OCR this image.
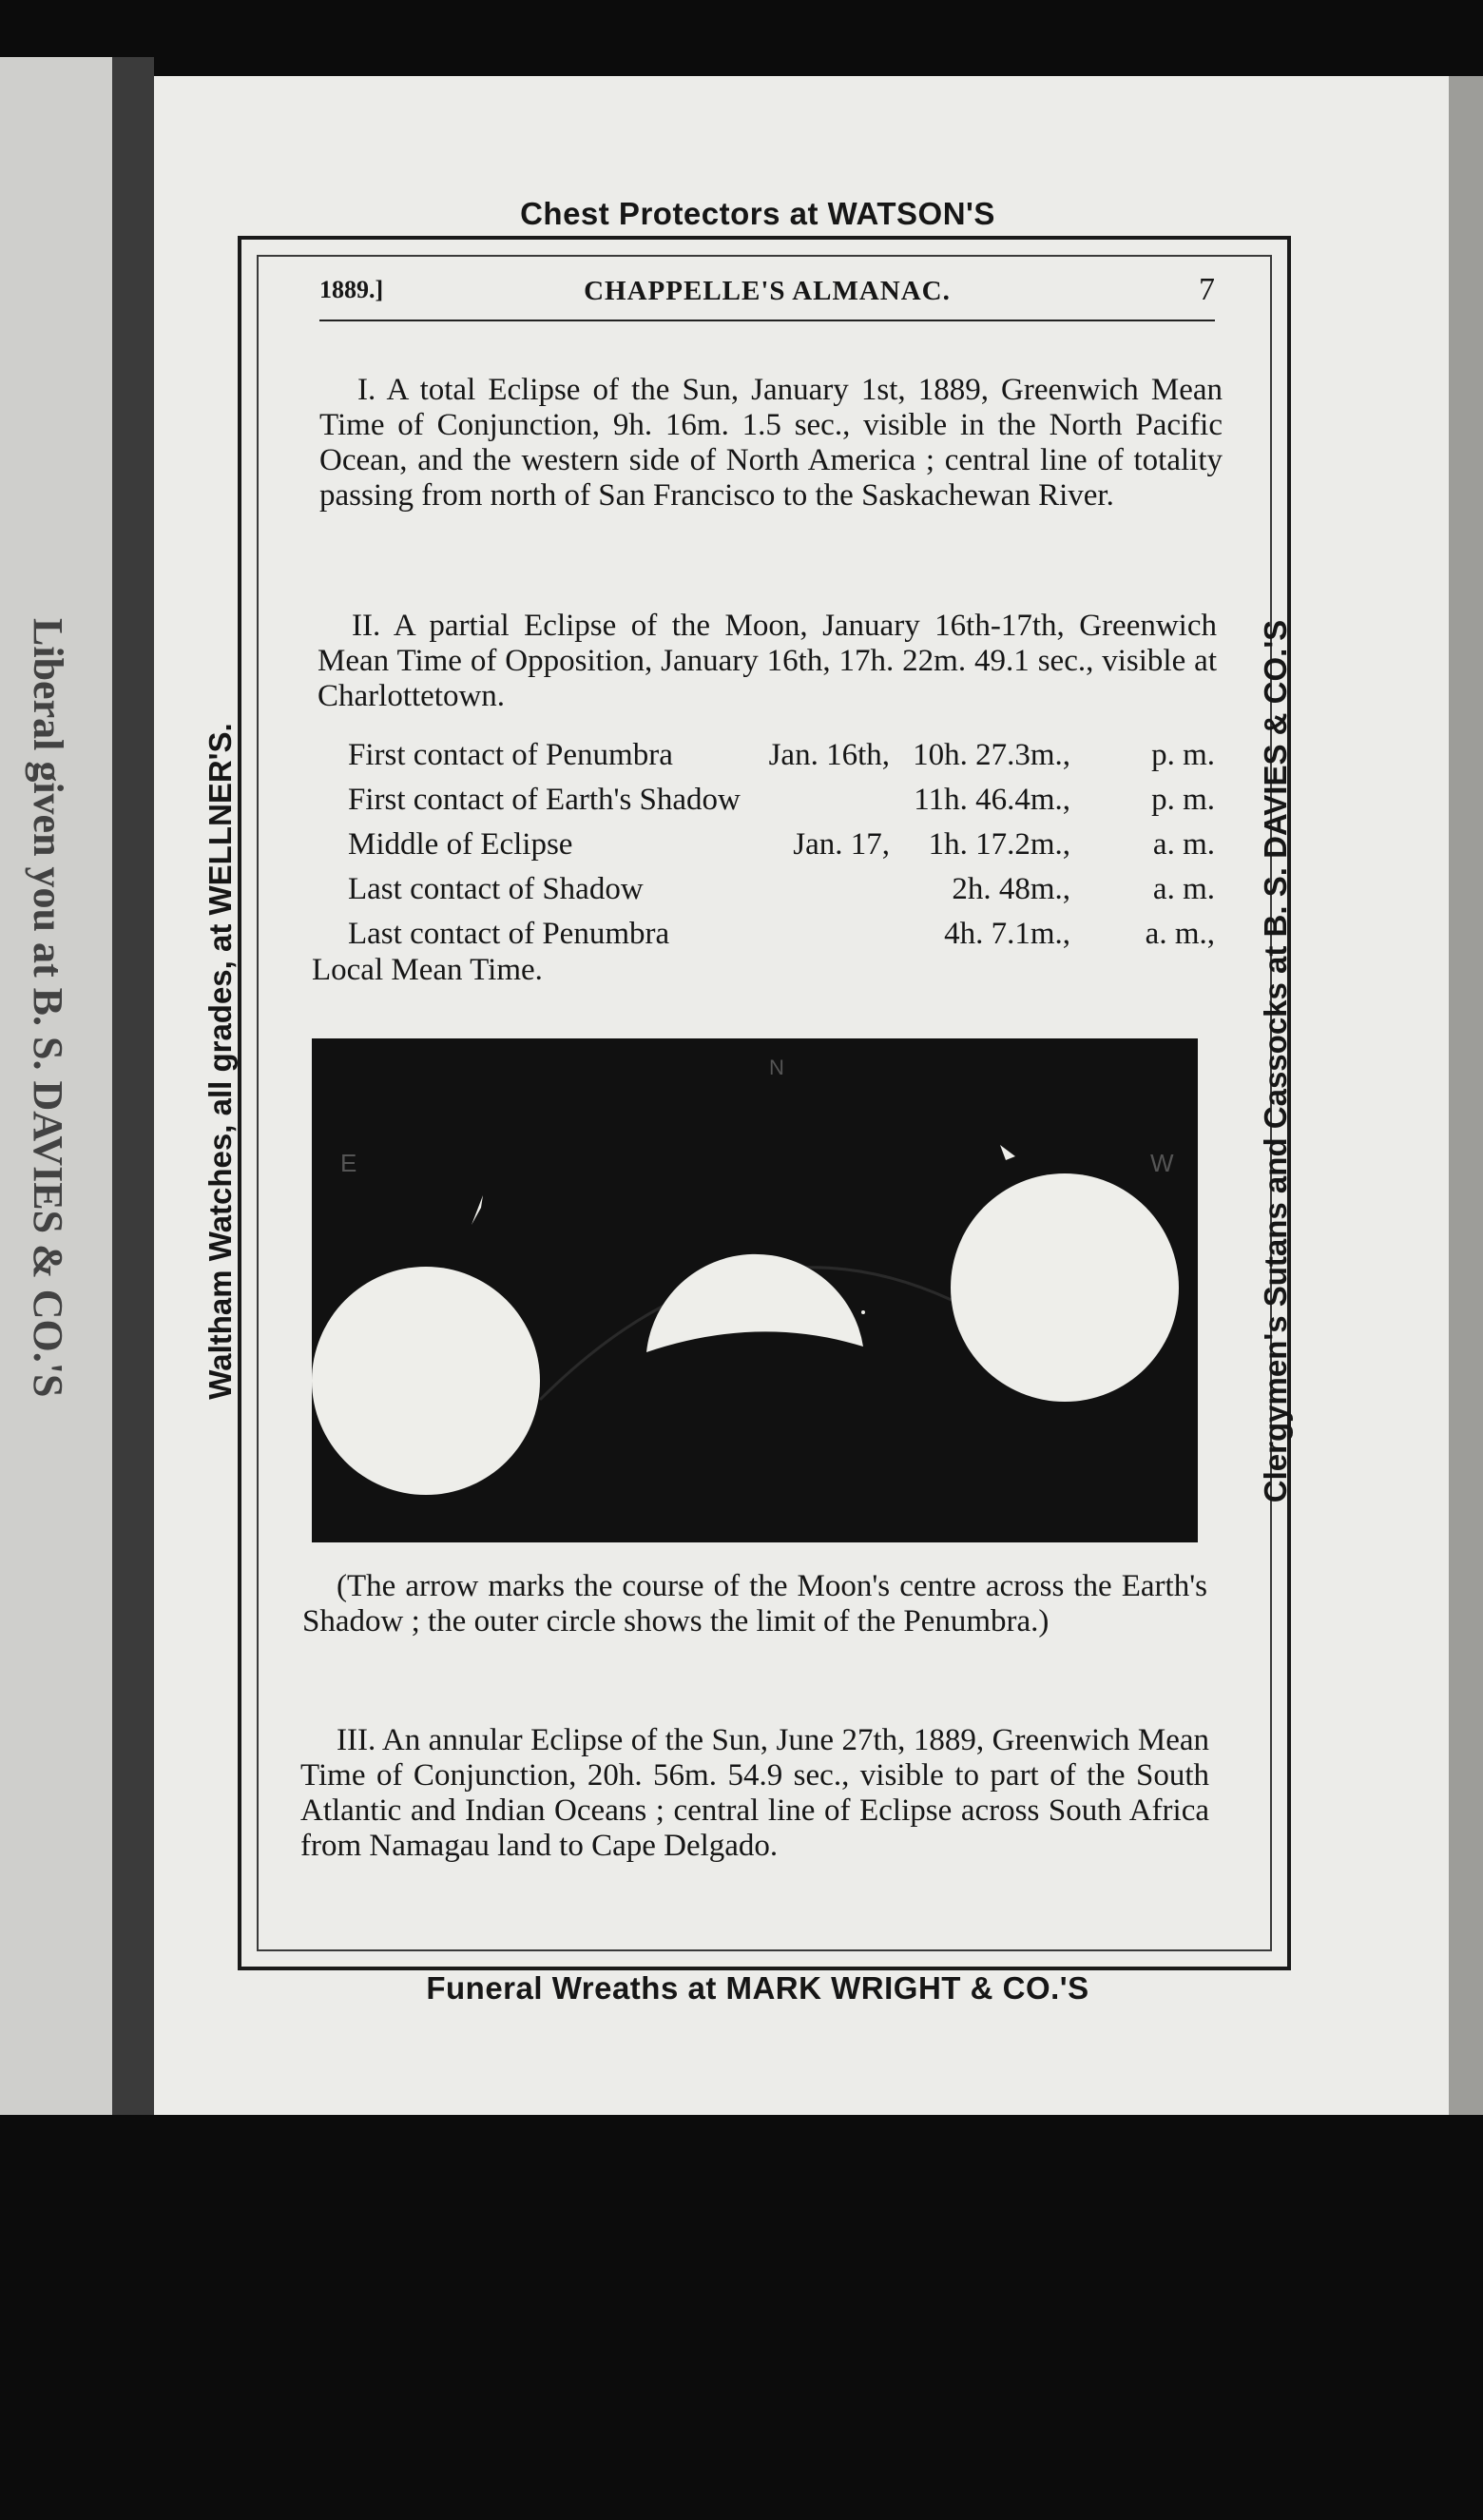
Liberal given you at B. S. DAVIES & CO.'S
Chest Protectors at WATSON'S
Waltham Watches, all grades, at WELLNER'S.	Clergymen's Sutans and Cassocks at B. S. DAVIES & CO.'S
1889.]	CHAPPELLE'S ALMANAC.	7
I. A total Eclipse of the Sun, January 1st, 1889, Greenwich Mean Time of Conjunction, 9h. 16m. 1.5 sec., visible in the North Pacific Ocean, and the western side of North America ; central line of totality passing from north of San Francisco to the Saskachewan River.
II. A partial Eclipse of the Moon, January 16th-17th, Greenwich Mean Time of Opposition, January 16th, 17h. 22m. 49.1 sec., visible at Charlottetown.
First contact of Penumbra	Jan. 16th,	10h. 27.3m.,	p. m.
First contact of Earth's Shadow		11h. 46.4m.,	p. m.
Middle of Eclipse	Jan. 17,	1h. 17.2m.,	a. m.
Last contact of Shadow		2h. 48m.,	a. m.
Last contact of Penumbra		4h. 7.1m.,	a. m.,
Local Mean Time.
E
N
W
(The arrow marks the course of the Moon's centre across the Earth's Shadow ; the outer circle shows the limit of the Penumbra.)
III. An annular Eclipse of the Sun, June 27th, 1889, Greenwich Mean Time of Conjunction, 20h. 56m. 54.9 sec., visible to part of the South Atlantic and Indian Oceans ; central line of Eclipse across South Africa from Namagau land to Cape Delgado.
Funeral Wreaths at MARK WRIGHT & CO.'S
